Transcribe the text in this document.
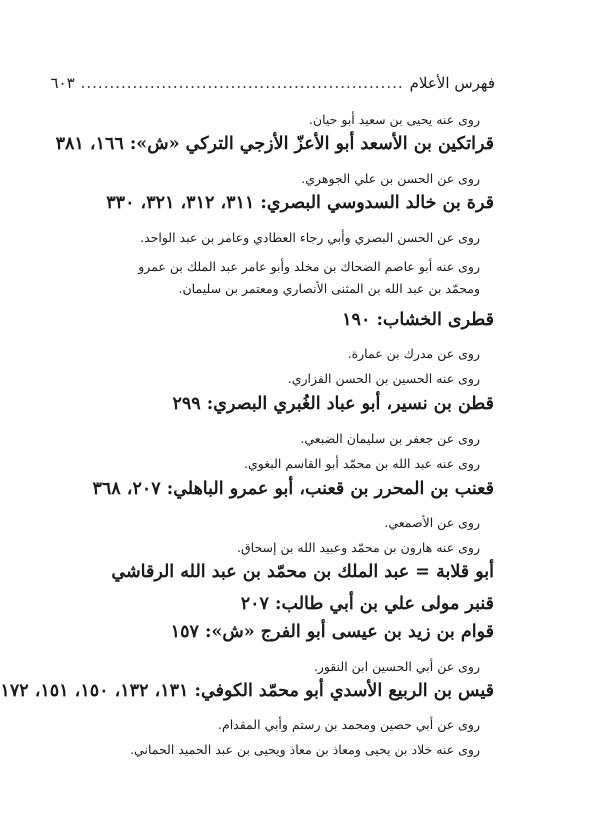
فهرس الأعلام
........................................................
٦٠٣
روى عنه يحيى بن سعيد أبو حيان.
قراتكين بن الأسعد أبو الأعزّ الأزجي التركي «ش»: ١٦٦، ٣٨١
روى عن الحسن بن علي الجوهري.
قرة بن خالد السدوسي البصري: ٣١١، ٣١٢، ٣٢١، ٣٣٠
روى عن الحسن البصري وأبي رجاء العطادي وعامر بن عبد الواحد.
روى عنه أبو عاصم الضحاك بن مخلد وأبو عامر عبد الملك بن عمرو ومحمّد بن عبد الله بن المثنى الأنصاري ومعتمر بن سليمان.
قطرى الخشاب: ١٩٠
روى عن مدرك بن عمارة.
روى عنه الحسين بن الحسن الفزاري.
قطن بن نسير، أبو عباد الغُبري البصري: ٢٩٩
روى عن جعفر بن سليمان الضبعي.
روى عنه عبد الله بن محمّد أبو القاسم البغوي.
قعنب بن المحرر بن قعنب، أبو عمرو الباهلي: ٢٠٧، ٣٦٨
روى عن الأصمعي.
روى عنه هارون بن محمّد وعبيد الله بن إسحاق.
أبو قلابة = عبد الملك بن محمّد بن عبد الله الرقاشي
قنبر مولى علي بن أبي طالب: ٢٠٧
قوام بن زيد بن عيسى أبو الفرج «ش»: ١٥٧
روى عن أبي الحسين ابن النقور.
قيس بن الربيع الأسدي أبو محمّد الكوفي: ١٣١، ١٣٢، ١٥٠، ١٥١، ١٧٢
روى عن أبي حصين ومحمد بن رستم وأبي المقدام.
روى عنه خلاد بن يحيى ومعاذ بن معاذ ويحيى بن عبد الحميد الحماني.
